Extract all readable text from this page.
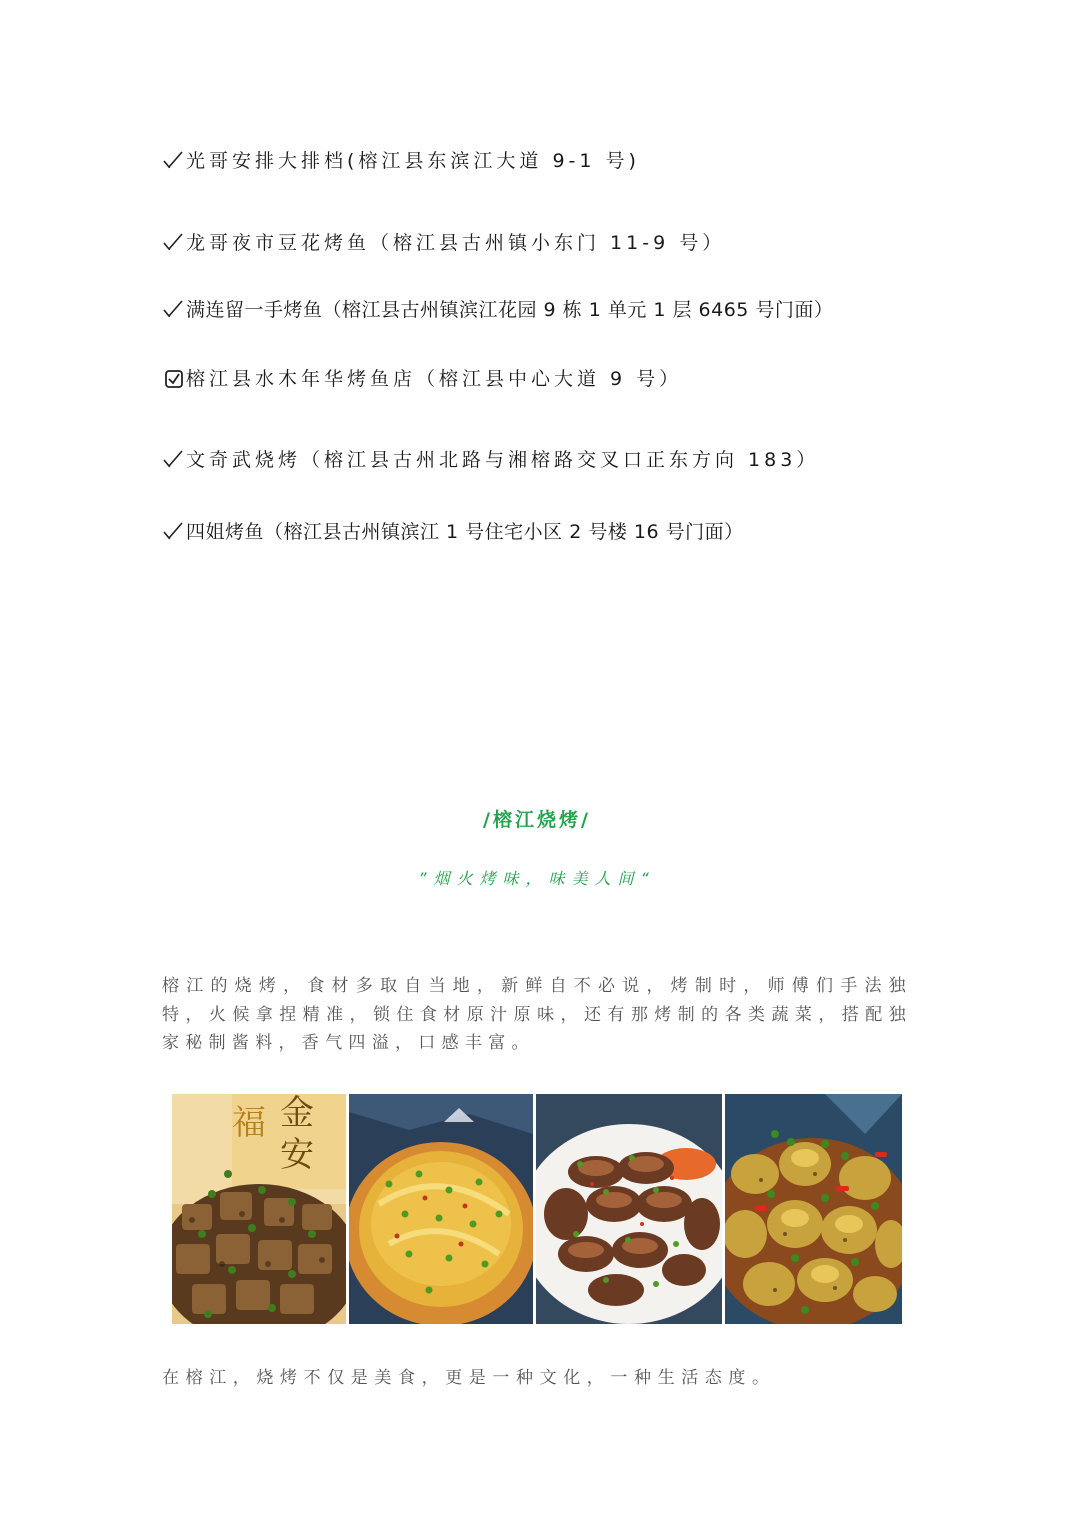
光哥安排大排档(榕江县东滨江大道 9-1 号)
龙哥夜市豆花烤鱼（榕江县古州镇小东门 11-9 号）
满连留一手烤鱼（榕江县古州镇滨江花园 9 栋 1 单元 1 层 6465 号门面）
榕江县水木年华烤鱼店（榕江县中心大道 9 号）
文奇武烧烤（榕江县古州北路与湘榕路交叉口正东方向 183）
四姐烤鱼（榕江县古州镇滨江 1 号住宅小区 2 号楼 16 号门面）
/榕江烧烤/
”烟火烤味，味美人间“
榕江的烧烤，食材多取自当地，新鲜自不必说，烤制时，师傅们手法独特，火候拿捏精准，锁住食材原汁原味，还有那烤制的各类蔬菜，搭配独家秘制酱料，香气四溢，口感丰富。
福 金
安
在榕江，烧烤不仅是美食，更是一种文化，一种生活态度。
